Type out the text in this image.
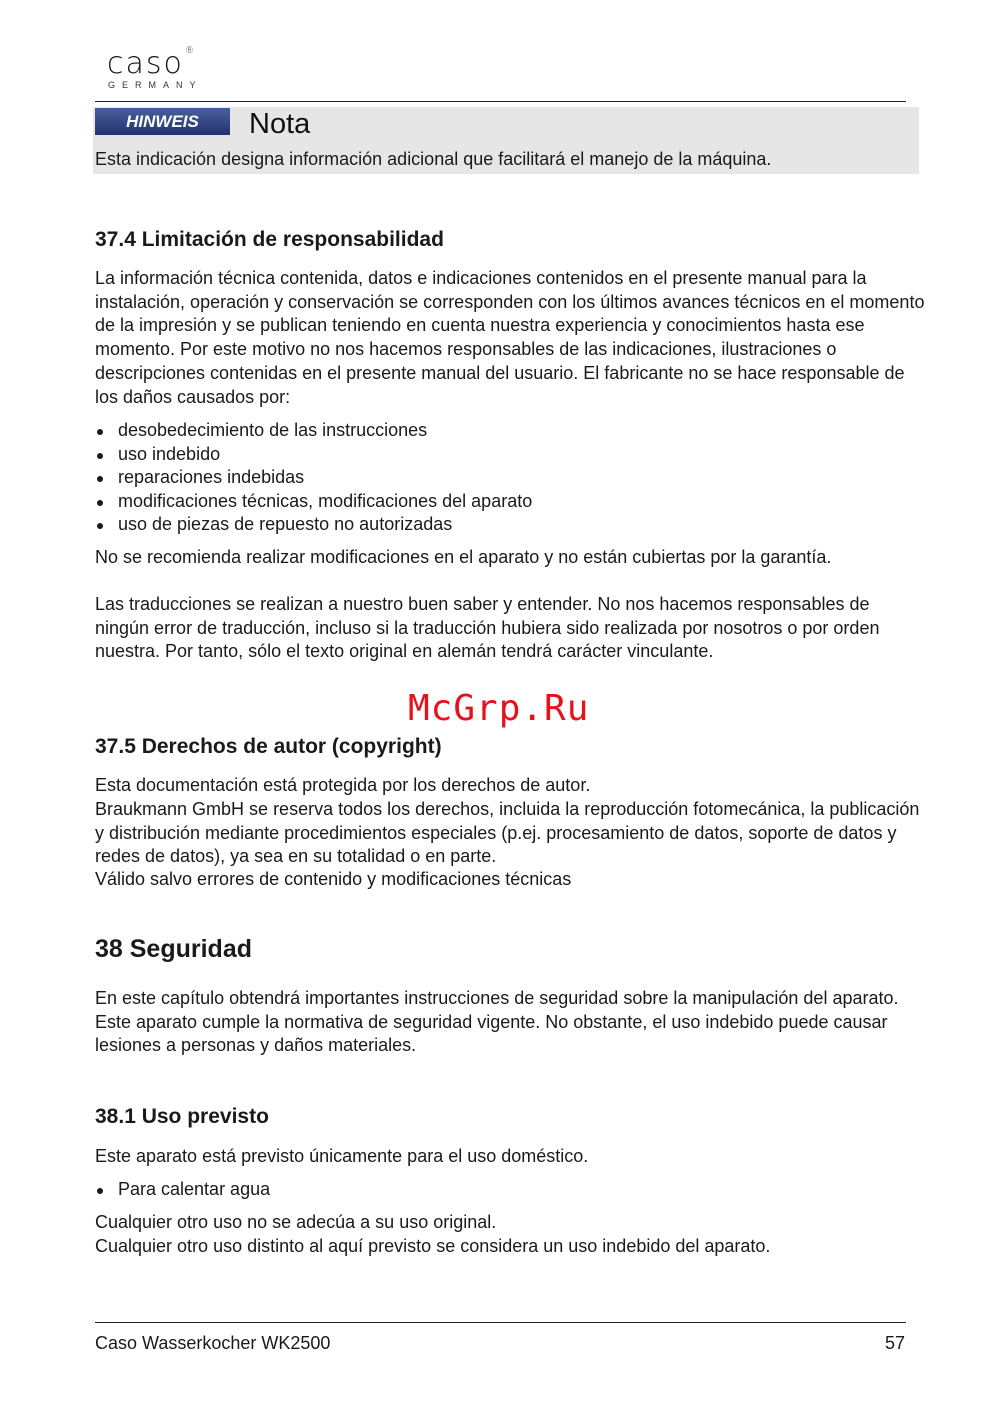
caso®
GERMANY
HINWEIS	Nota
Esta indicación designa información adicional que facilitará el manejo de la máquina.
37.4 Limitación de responsabilidad

La información técnica contenida, datos e indicaciones contenidos en el presente manual para la instalación, operación y conservación se corresponden con los últimos avances técnicos en el momento de la impresión y se publican teniendo en cuenta nuestra experiencia y conocimientos hasta ese momento. Por este motivo no nos hacemos responsables de las indicaciones, ilustraciones o descripciones contenidas en el presente manual del usuario. El fabricante no se hace responsable de los daños causados por:

desobedecimiento de las instrucciones
uso indebido
reparaciones indebidas
modificaciones técnicas, modificaciones del aparato
uso de piezas de repuesto no autorizadas

No se recomienda realizar modificaciones en el aparato y no están cubiertas por la garantía.

Las traducciones se realizan a nuestro buen saber y entender. No nos hacemos responsables de ningún error de traducción, incluso si la traducción hubiera sido realizada por nosotros o por orden nuestra. Por tanto, sólo el texto original en alemán tendrá carácter vinculante.

McGrp.Ru
37.5 Derechos de autor (copyright)

Esta documentación está protegida por los derechos de autor.

Braukmann GmbH se reserva todos los derechos, incluida la reproducción fotomecánica, la publicación y distribución mediante procedimientos especiales (p.ej. procesamiento de datos, soporte de datos y redes de datos), ya sea en su totalidad o en parte.

Válido salvo errores de contenido y modificaciones técnicas

38 Seguridad

En este capítulo obtendrá importantes instrucciones de seguridad sobre la manipulación del aparato. Este aparato cumple la normativa de seguridad vigente. No obstante, el uso indebido puede causar lesiones a personas y daños materiales.

38.1 Uso previsto

Este aparato está previsto únicamente para el uso doméstico.

Para calentar agua

Cualquier otro uso no se adecúa a su uso original.

Cualquier otro uso distinto al aquí previsto se considera un uso indebido del aparato.

Caso Wasserkocher WK2500	57
